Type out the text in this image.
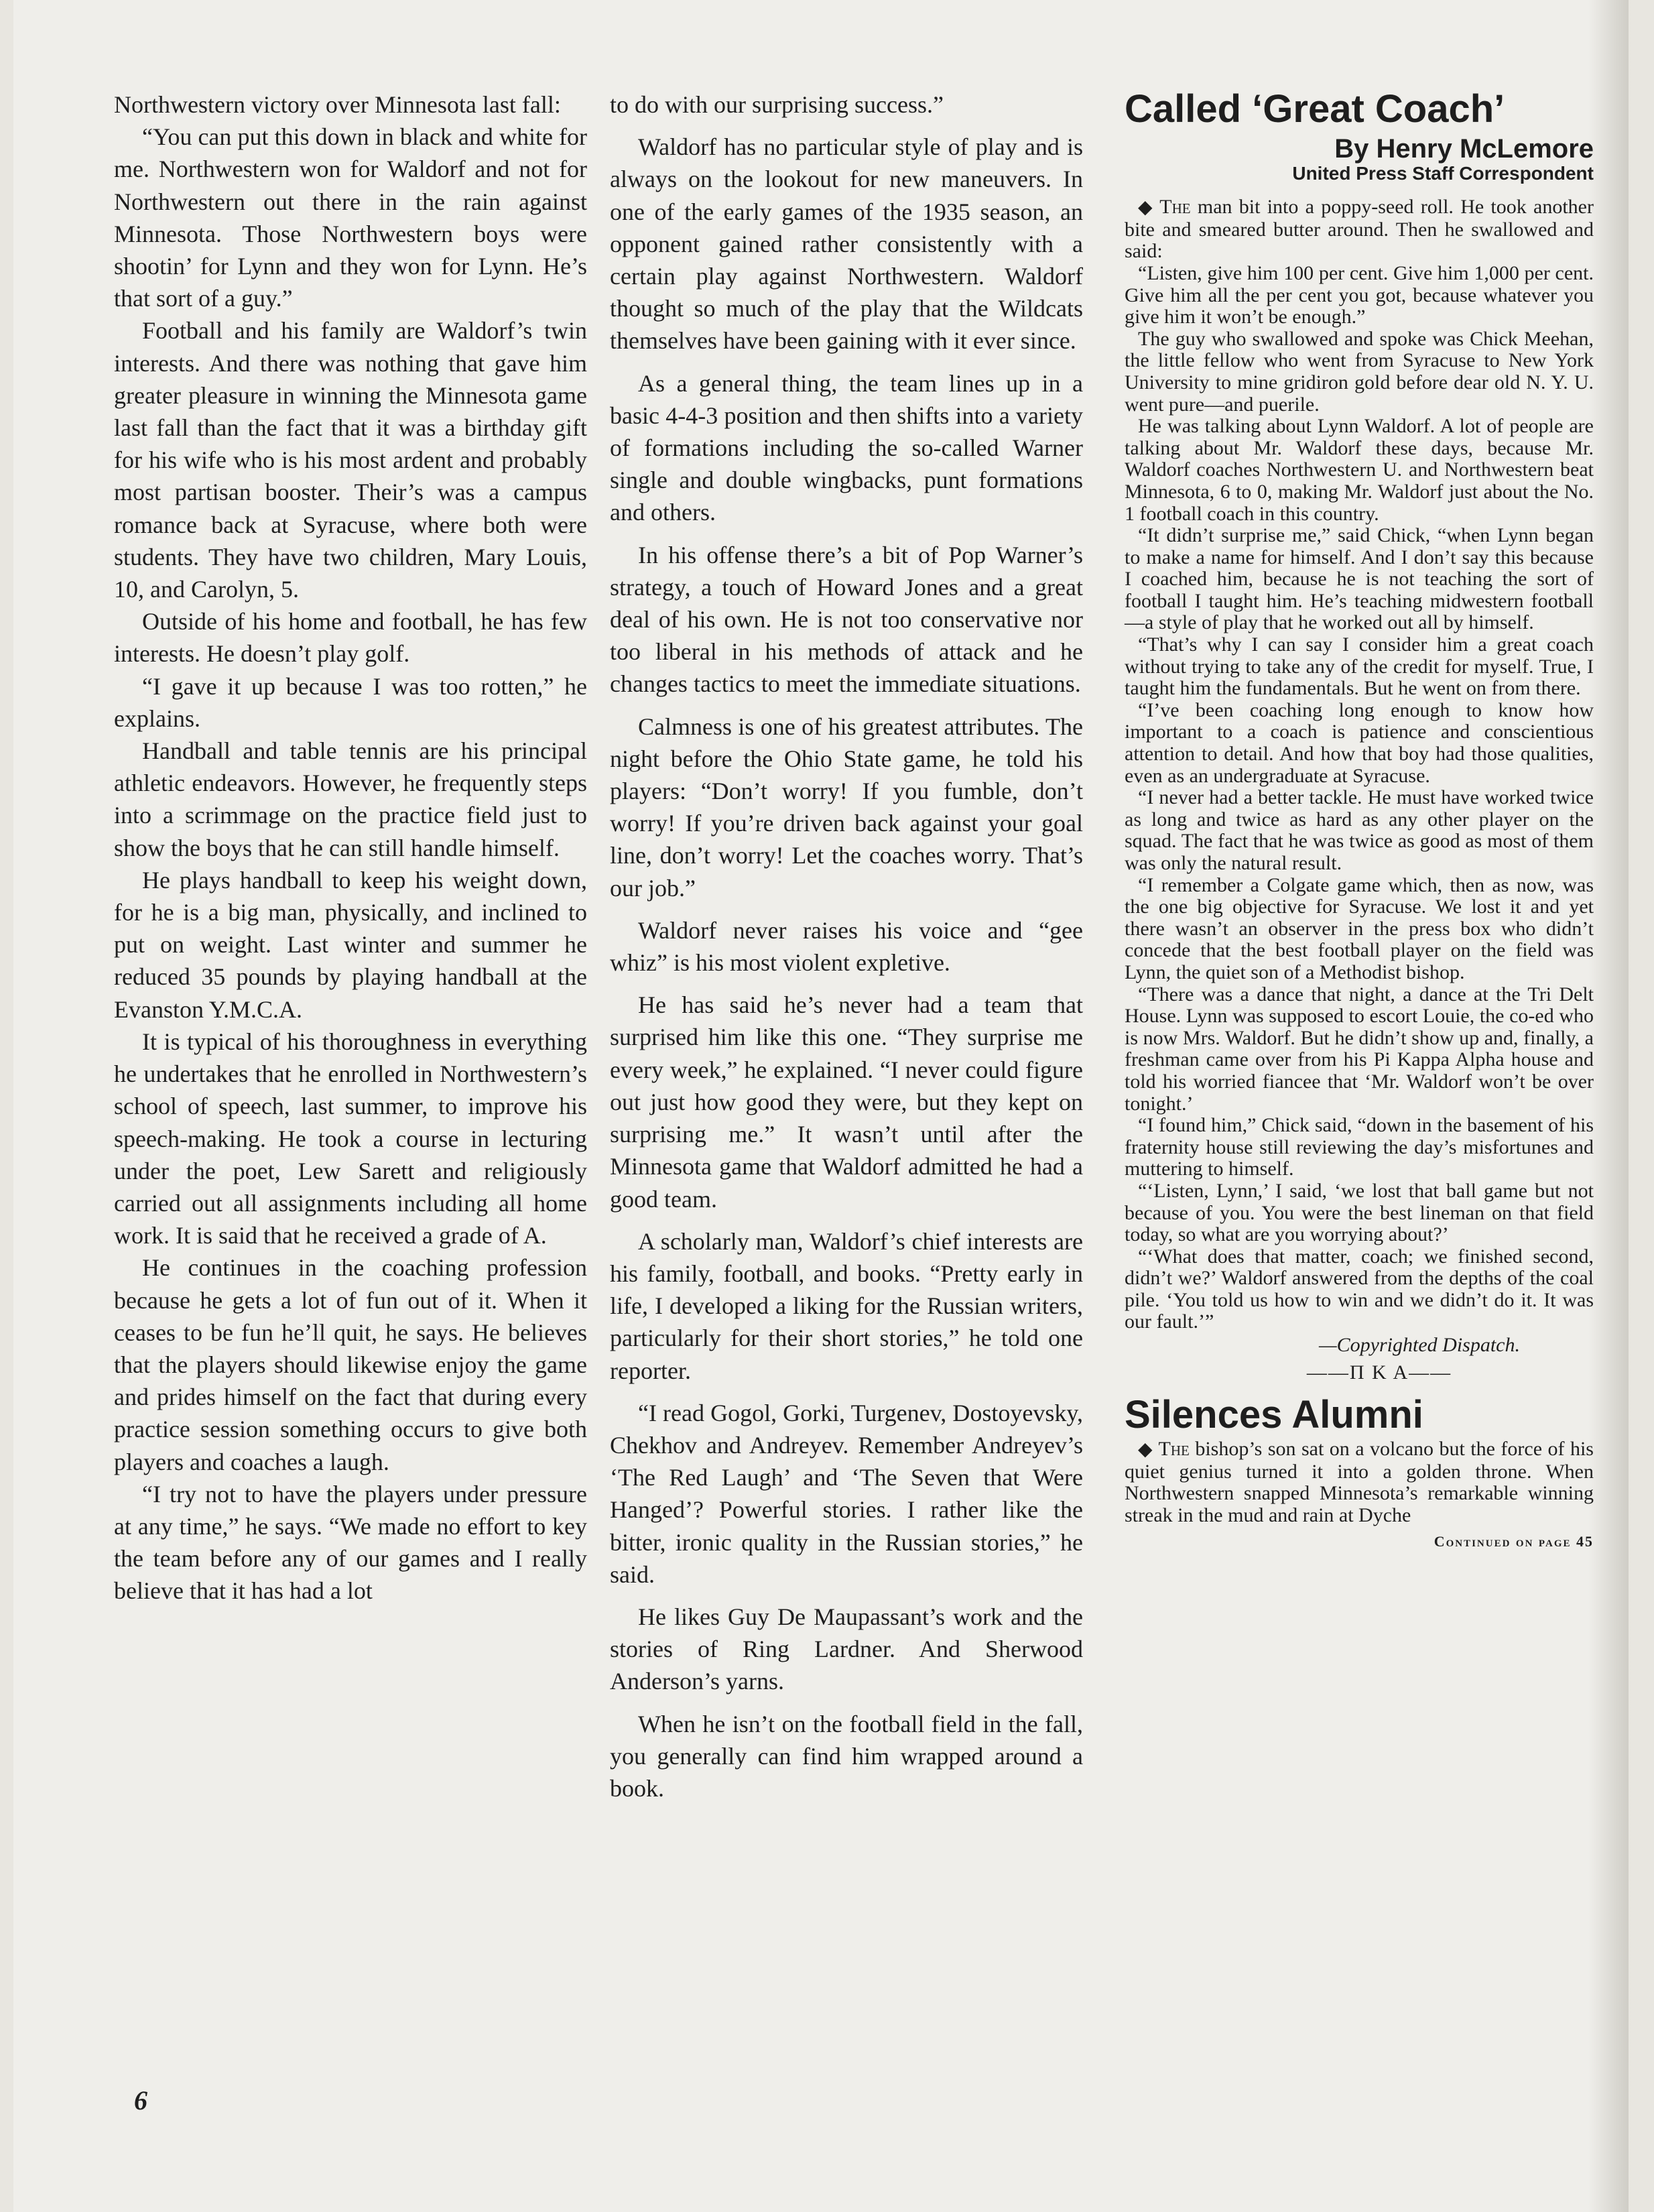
Northwestern victory over Minnesota last fall:

“You can put this down in black and white for me. Northwestern won for Waldorf and not for Northwestern out there in the rain against Minnesota. Those Northwestern boys were shootin’ for Lynn and they won for Lynn. He’s that sort of a guy.”

Football and his family are Waldorf’s twin interests. And there was nothing that gave him greater pleasure in winning the Minnesota game last fall than the fact that it was a birthday gift for his wife who is his most ardent and probably most partisan booster. Their’s was a campus romance back at Syracuse, where both were students. They have two children, Mary Louis, 10, and Carolyn, 5.

Outside of his home and football, he has few interests. He doesn’t play golf.

“I gave it up because I was too rotten,” he explains.

Handball and table tennis are his principal athletic endeavors. However, he frequently steps into a scrimmage on the practice field just to show the boys that he can still handle himself.

He plays handball to keep his weight down, for he is a big man, physically, and inclined to put on weight. Last winter and summer he reduced 35 pounds by playing handball at the Evanston Y.M.C.A.

It is typical of his thoroughness in everything he undertakes that he enrolled in Northwestern’s school of speech, last summer, to improve his speech-making. He took a course in lecturing under the poet, Lew Sarett and religiously carried out all assignments including all home work. It is said that he received a grade of A.

He continues in the coaching profession because he gets a lot of fun out of it. When it ceases to be fun he’ll quit, he says. He believes that the players should likewise enjoy the game and prides himself on the fact that during every practice session something occurs to give both players and coaches a laugh.

“I try not to have the players under pressure at any time,” he says. “We made no effort to key the team before any of our games and I really believe that it has had a lot

to do with our surprising success.”

Waldorf has no particular style of play and is always on the lookout for new maneuvers. In one of the early games of the 1935 season, an opponent gained rather consistently with a certain play against Northwestern. Waldorf thought so much of the play that the Wildcats themselves have been gaining with it ever since.

As a general thing, the team lines up in a basic 4-4-3 position and then shifts into a variety of formations including the so-called Warner single and double wingbacks, punt formations and others.

In his offense there’s a bit of Pop Warner’s strategy, a touch of Howard Jones and a great deal of his own. He is not too conservative nor too liberal in his methods of attack and he changes tactics to meet the immediate situations.

Calmness is one of his greatest attributes. The night before the Ohio State game, he told his players: “Don’t worry! If you fumble, don’t worry! If you’re driven back against your goal line, don’t worry! Let the coaches worry. That’s our job.”

Waldorf never raises his voice and “gee whiz” is his most violent expletive.

He has said he’s never had a team that surprised him like this one. “They surprise me every week,” he explained. “I never could figure out just how good they were, but they kept on surprising me.” It wasn’t until after the Minnesota game that Waldorf admitted he had a good team.

A scholarly man, Waldorf’s chief interests are his family, football, and books. “Pretty early in life, I developed a liking for the Russian writers, particularly for their short stories,” he told one reporter.

“I read Gogol, Gorki, Turgenev, Dostoyevsky, Chekhov and Andreyev. Remember Andreyev’s ‘The Red Laugh’ and ‘The Seven that Were Hanged’? Powerful stories. I rather like the bitter, ironic quality in the Russian stories,” he said.

He likes Guy De Maupassant’s work and the stories of Ring Lardner. And Sherwood Anderson’s yarns.

When he isn’t on the football field in the fall, you generally can find him wrapped around a book.

Called ‘Great Coach’
By Henry McLemore
United Press Staff Correspondent

◆ The man bit into a poppy-seed roll. He took another bite and smeared butter around. Then he swallowed and said:

“Listen, give him 100 per cent. Give him 1,000 per cent. Give him all the per cent you got, because whatever you give him it won’t be enough.”

The guy who swallowed and spoke was Chick Meehan, the little fellow who went from Syracuse to New York University to mine gridiron gold before dear old N. Y. U. went pure—and puerile.

He was talking about Lynn Waldorf. A lot of people are talking about Mr. Waldorf these days, because Mr. Waldorf coaches Northwestern U. and Northwestern beat Minnesota, 6 to 0, making Mr. Waldorf just about the No. 1 football coach in this country.

“It didn’t surprise me,” said Chick, “when Lynn began to make a name for himself. And I don’t say this because I coached him, because he is not teaching the sort of football I taught him. He’s teaching midwestern football—a style of play that he worked out all by himself.

“That’s why I can say I consider him a great coach without trying to take any of the credit for myself. True, I taught him the fundamentals. But he went on from there.

“I’ve been coaching long enough to know how important to a coach is patience and conscientious attention to detail. And how that boy had those qualities, even as an undergraduate at Syracuse.

“I never had a better tackle. He must have worked twice as long and twice as hard as any other player on the squad. The fact that he was twice as good as most of them was only the natural result.

“I remember a Colgate game which, then as now, was the one big objective for Syracuse. We lost it and yet there wasn’t an observer in the press box who didn’t concede that the best football player on the field was Lynn, the quiet son of a Methodist bishop.

“There was a dance that night, a dance at the Tri Delt House. Lynn was supposed to escort Louie, the co-ed who is now Mrs. Waldorf. But he didn’t show up and, finally, a freshman came over from his Pi Kappa Alpha house and told his worried fiancee that ‘Mr. Waldorf won’t be over tonight.’

“I found him,” Chick said, “down in the basement of his fraternity house still reviewing the day’s misfortunes and muttering to himself.

“‘Listen, Lynn,’ I said, ‘we lost that ball game but not because of you. You were the best lineman on that field today, so what are you worrying about?’

“‘What does that matter, coach; we finished second, didn’t we?’ Waldorf answered from the depths of the coal pile. ‘You told us how to win and we didn’t do it. It was our fault.’”

—Copyrighted Dispatch.
——Π K A——
Silences Alumni

◆ The bishop’s son sat on a volcano but the force of his quiet genius turned it into a golden throne. When Northwestern snapped Minnesota’s remarkable winning streak in the mud and rain at Dyche

Continued on page 45
6
